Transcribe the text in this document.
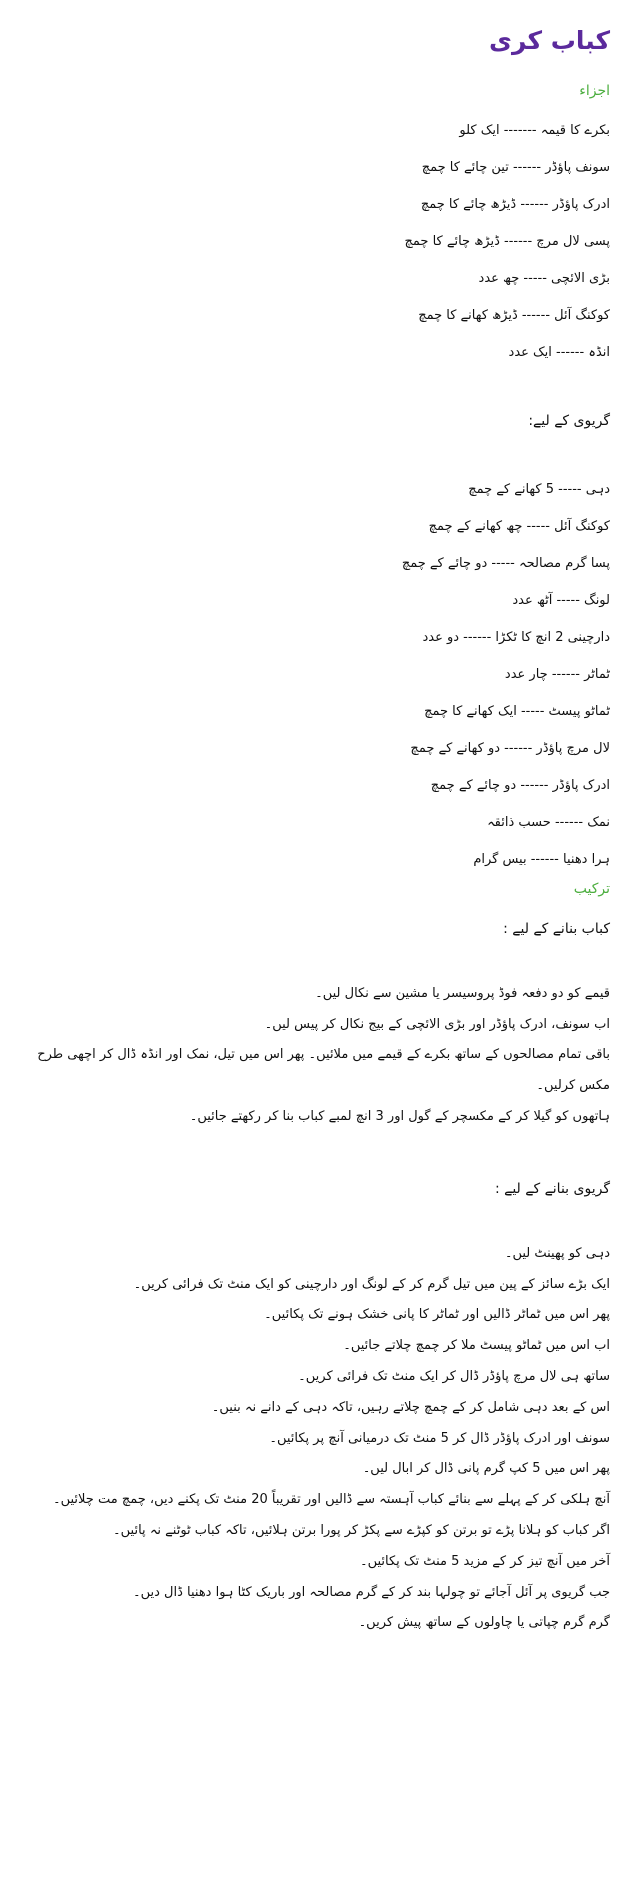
کباب کری
اجزاء

بکرے کا قیمہ ------- ایک کلو

سونف پاؤڈر ------ تین چائے کا چمچ

ادرک پاؤڈر ------ ڈیڑھ چائے کا چمچ

پسی لال مرچ ------ ڈیڑھ چائے کا چمچ

بڑی الائچی ----- چھ عدد

کوکنگ آئل ------ ڈیڑھ کھانے کا چمچ

انڈہ ------ ایک عدد

گریوی کے لیے:

دہی ----- 5 کھانے کے چمچ

کوکنگ آئل ----- چھ کھانے کے چمچ

پسا گرم مصالحہ ----- دو چائے کے چمچ

لونگ ----- آٹھ عدد

دارچینی 2 انچ کا ٹکڑا ------ دو عدد

ٹماٹر ------ چار عدد

ٹماٹو پیسٹ ----- ایک کھانے کا چمچ

لال مرچ پاؤڈر ------ دو کھانے کے چمچ

ادرک پاؤڈر ------ دو چائے کے چمچ

نمک ------ حسب ذائقہ

ہرا دھنیا ------ بیس گرام

ترکیب

کباب بنانے کے لیے :

قیمے کو دو دفعہ فوڈ پروسیسر یا مشین سے نکال لیں۔

اب سونف، ادرک پاؤڈر اور بڑی الائچی کے بیج نکال کر پیس لیں۔

باقی تمام مصالحوں کے ساتھ بکرے کے قیمے میں ملائیں۔ پھر اس میں تیل، نمک اور انڈہ ڈال کر اچھی طرح مکس کرلیں۔

ہاتھوں کو گیلا کر کے مکسچر کے گول اور 3 انچ لمبے کباب بنا کر رکھتے جائیں۔

گریوی بنانے کے لیے :

دہی کو پھینٹ لیں۔

ایک بڑے سائز کے پین میں تیل گرم کر کے لونگ اور دارچینی کو ایک منٹ تک فرائی کریں۔

پھر اس میں ٹماٹر ڈالیں اور ٹماٹر کا پانی خشک ہونے تک پکائیں۔

اب اس میں ٹماٹو پیسٹ ملا کر چمچ چلاتے جائیں۔

ساتھ ہی لال مرچ پاؤڈر ڈال کر ایک منٹ تک فرائی کریں۔

اس کے بعد دہی شامل کر کے چمچ چلاتے رہیں، تاکہ دہی کے دانے نہ بنیں۔

سونف اور ادرک پاؤڈر ڈال کر 5 منٹ تک درمیانی آنچ پر پکائیں۔

پھر اس میں 5 کپ گرم پانی ڈال کر ابال لیں۔

آنچ ہلکی کر کے پہلے سے بنائے کباب آہستہ سے ڈالیں اور تقریباً 20 منٹ تک پکنے دیں، چمچ مت چلائیں۔

اگر کباب کو ہلانا پڑے تو برتن کو کپڑے سے پکڑ کر پورا برتن ہلائیں، تاکہ کباب ٹوٹنے نہ پائیں۔

آخر میں آنچ تیز کر کے مزید 5 منٹ تک پکائیں۔

جب گریوی پر آئل آجائے تو چولہا بند کر کے گرم مصالحہ اور باریک کٹا ہوا دھنیا ڈال دیں۔

گرم گرم چپاتی یا چاولوں کے ساتھ پیش کریں۔
